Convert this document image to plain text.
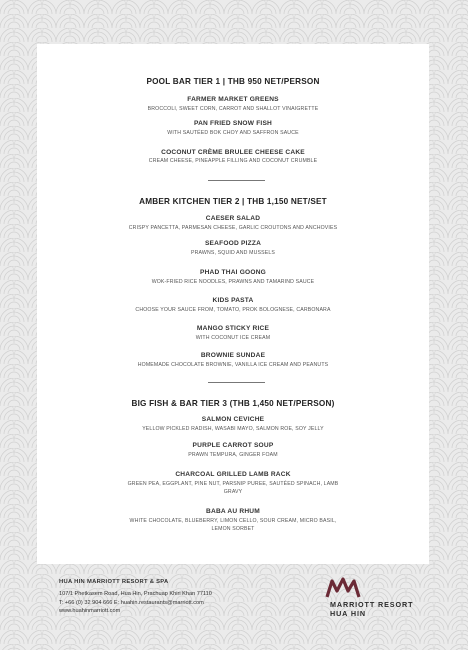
POOL BAR TIER 1 | THB 950 NET/PERSON
FARMER MARKET GREENS
BROCCOLI, SWEET CORN, CARROT AND SHALLOT VINAIGRETTE
PAN FRIED SNOW FISH
WITH SAUTÉED BOK CHOY AND SAFFRON SAUCE
COCONUT CRÈME BRULEE CHEESE CAKE
CREAM CHEESE, PINEAPPLE FILLING AND COCONUT CRUMBLE
AMBER KITCHEN TIER 2 | THB 1,150 NET/SET
CAESER SALAD
CRISPY PANCETTA, PARMESAN CHEESE, GARLIC CROUTONS AND ANCHOVIES
SEAFOOD PIZZA
PRAWNS, SQUID AND MUSSELS
PHAD THAI GOONG
WOK-FRIED RICE NOODLES, PRAWNS AND TAMARIND SAUCE
KIDS PASTA
CHOOSE YOUR SAUCE FROM, TOMATO, PROK BOLOGNESE, CARBONARA
MANGO STICKY RICE
WITH COCONUT ICE CREAM
BROWNIE SUNDAE
HOMEMADE CHOCOLATE BROWNIE, VANILLA ICE CREAM AND PEANUTS
BIG FISH & BAR TIER 3 (THB 1,450 NET/PERSON)
SALMON CEVICHE
YELLOW PICKLED RADISH, WASABI MAYO, SALMON ROE, SOY JELLY
PURPLE CARROT SOUP
PRAWN TEMPURA, GINGER FOAM
CHARCOAL GRILLED LAMB RACK
GREEN PEA, EGGPLANT, PINE NUT, PARSNIP PUREE, SAUTÉED SPINACH, LAMB GRAVY
BABA AU RHUM
WHITE CHOCOLATE, BLUEBERRY, LIMON CELLO, SOUR CREAM, MICRO BASIL, LEMON SORBET
HUA HIN MARRIOTT RESORT & SPA
107/1 Phetkasem Road, Hua Hin, Prachuap Khiri Khan 77110
T: +66 (0) 32 904 666 E: huahin.restaurants@marriott.com
www.huahinmarriott.com
MARRIOTT RESORT
HUA HIN
